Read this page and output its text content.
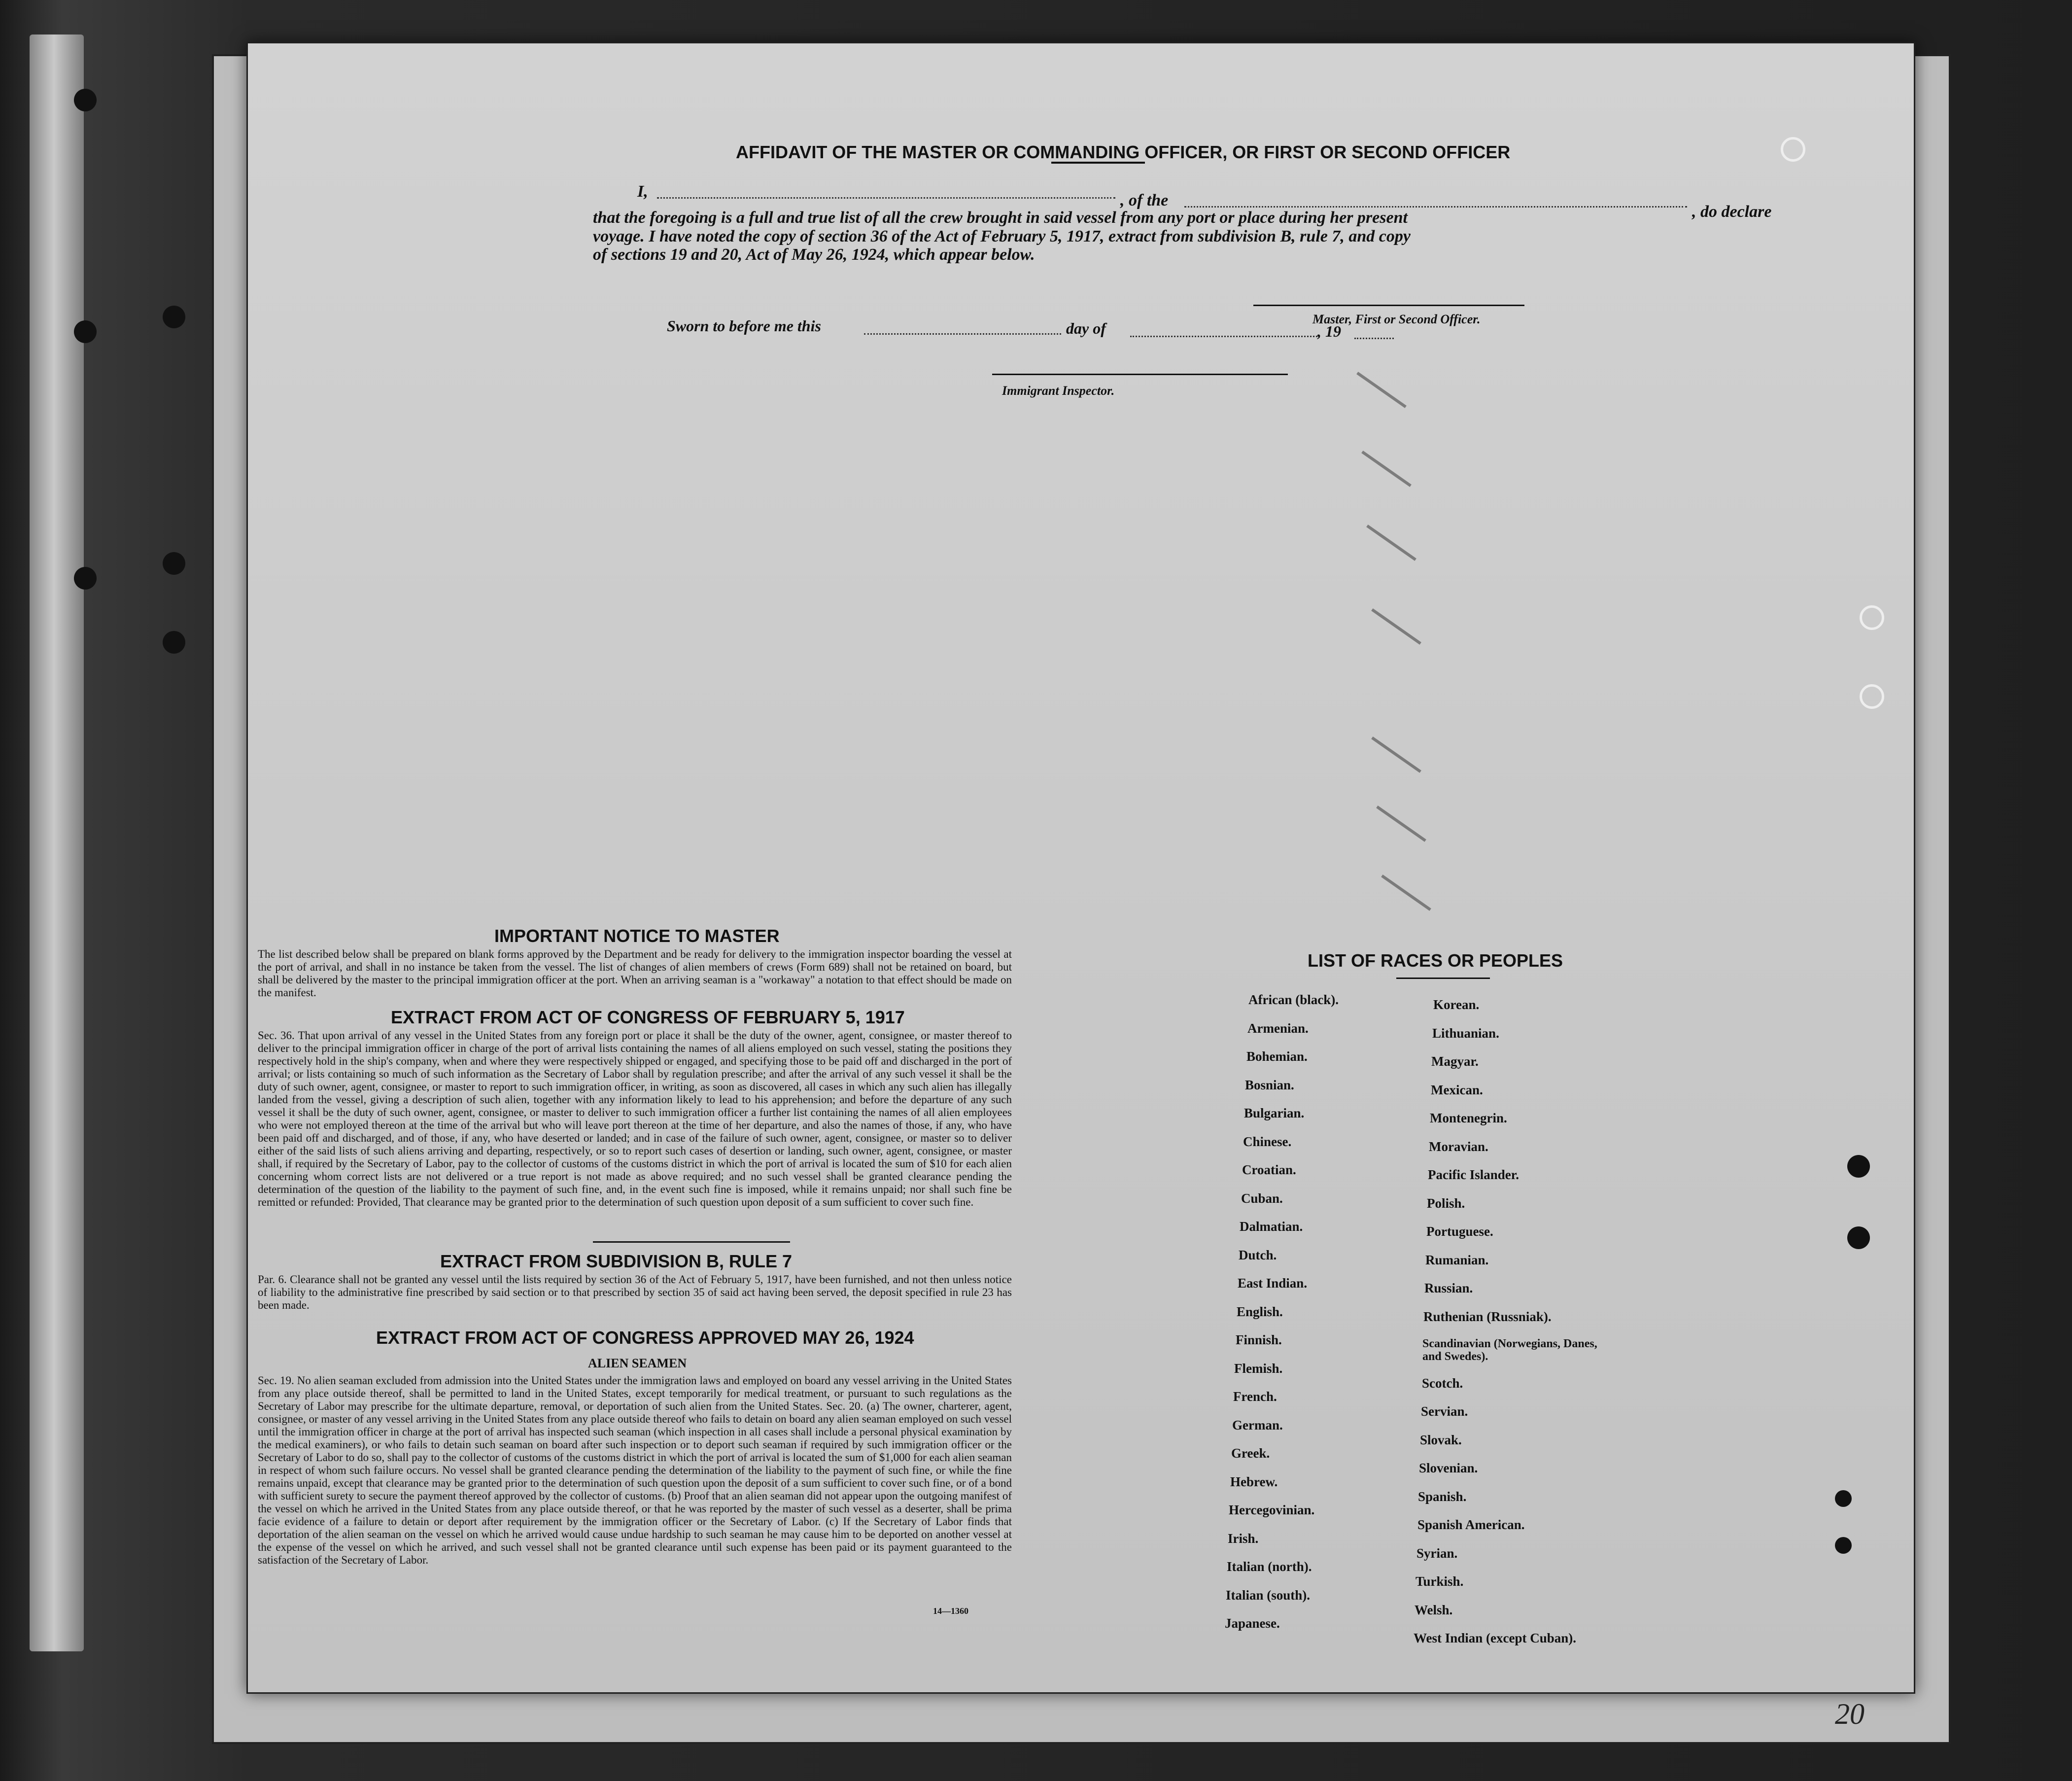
AFFIDAVIT OF THE MASTER OR COMMANDING OFFICER, OR FIRST OR SECOND OFFICER
I,	, of the
, do declare
that the foregoing is a full and true list of all the crew brought in said vessel from any port or place during her present
voyage. I have noted the copy of section 36 of the Act of February 5, 1917, extract from subdivision B, rule 7, and copy
of sections 19 and 20, Act of May 26, 1924, which appear below.
Master, First or Second Officer.
Sworn to before me this	day of	, 19
Immigrant Inspector.
IMPORTANT NOTICE TO MASTER
The list described below shall be prepared on blank forms approved by the Department and be ready for delivery to the immigration inspector boarding the vessel at the port of arrival, and shall in no instance be taken from the vessel. The list of changes of alien members of crews (Form 689) shall not be retained on board, but shall be delivered by the master to the principal immigration officer at the port. When an arriving seaman is a "workaway" a notation to that effect should be made on the manifest.
EXTRACT FROM ACT OF CONGRESS OF FEBRUARY 5, 1917
Sec. 36. That upon arrival of any vessel in the United States from any foreign port or place it shall be the duty of the owner, agent, consignee, or master thereof to deliver to the principal immigration officer in charge of the port of arrival lists containing the names of all aliens employed on such vessel, stating the positions they respectively hold in the ship's company, when and where they were respectively shipped or engaged, and specifying those to be paid off and discharged in the port of arrival; or lists containing so much of such information as the Secretary of Labor shall by regulation prescribe; and after the arrival of any such vessel it shall be the duty of such owner, agent, consignee, or master to report to such immigration officer, in writing, as soon as discovered, all cases in which any such alien has illegally landed from the vessel, giving a description of such alien, together with any information likely to lead to his apprehension; and before the departure of any such vessel it shall be the duty of such owner, agent, consignee, or master to deliver to such immigration officer a further list containing the names of all alien employees who were not employed thereon at the time of the arrival but who will leave port thereon at the time of her departure, and also the names of those, if any, who have been paid off and discharged, and of those, if any, who have deserted or landed; and in case of the failure of such owner, agent, consignee, or master so to deliver either of the said lists of such aliens arriving and departing, respectively, or so to report such cases of desertion or landing, such owner, agent, consignee, or master shall, if required by the Secretary of Labor, pay to the collector of customs of the customs district in which the port of arrival is located the sum of $10 for each alien concerning whom correct lists are not delivered or a true report is not made as above required; and no such vessel shall be granted clearance pending the determination of the question of the liability to the payment of such fine, and, in the event such fine is imposed, while it remains unpaid; nor shall such fine be remitted or refunded: Provided, That clearance may be granted prior to the determination of such question upon deposit of a sum sufficient to cover such fine.
EXTRACT FROM SUBDIVISION B, RULE 7
Par. 6. Clearance shall not be granted any vessel until the lists required by section 36 of the Act of February 5, 1917, have been furnished, and not then unless notice of liability to the administrative fine prescribed by said section or to that prescribed by section 35 of said act having been served, the deposit specified in rule 23 has been made.
EXTRACT FROM ACT OF CONGRESS APPROVED MAY 26, 1924
ALIEN SEAMEN
Sec. 19. No alien seaman excluded from admission into the United States under the immigration laws and employed on board any vessel arriving in the United States from any place outside thereof, shall be permitted to land in the United States, except temporarily for medical treatment, or pursuant to such regulations as the Secretary of Labor may prescribe for the ultimate departure, removal, or deportation of such alien from the United States. Sec. 20. (a) The owner, charterer, agent, consignee, or master of any vessel arriving in the United States from any place outside thereof who fails to detain on board any alien seaman employed on such vessel until the immigration officer in charge at the port of arrival has inspected such seaman (which inspection in all cases shall include a personal physical examination by the medical examiners), or who fails to detain such seaman on board after such inspection or to deport such seaman if required by such immigration officer or the Secretary of Labor to do so, shall pay to the collector of customs of the customs district in which the port of arrival is located the sum of $1,000 for each alien seaman in respect of whom such failure occurs. No vessel shall be granted clearance pending the determination of the liability to the payment of such fine, or while the fine remains unpaid, except that clearance may be granted prior to the determination of such question upon the deposit of a sum sufficient to cover such fine, or of a bond with sufficient surety to secure the payment thereof approved by the collector of customs. (b) Proof that an alien seaman did not appear upon the outgoing manifest of the vessel on which he arrived in the United States from any place outside thereof, or that he was reported by the master of such vessel as a deserter, shall be prima facie evidence of a failure to detain or deport after requirement by the immigration officer or the Secretary of Labor. (c) If the Secretary of Labor finds that deportation of the alien seaman on the vessel on which he arrived would cause undue hardship to such seaman he may cause him to be deported on another vessel at the expense of the vessel on which he arrived, and such vessel shall not be granted clearance until such expense has been paid or its payment guaranteed to the satisfaction of the Secretary of Labor.
14—1360
LIST OF RACES OR PEOPLES
20
African (black).
Armenian.
Bohemian.
Bosnian.
Bulgarian.
Chinese.
Croatian.
Cuban.
Dalmatian.
Dutch.
East Indian.
English.
Finnish.
Flemish.
French.
German.
Greek.
Hebrew.
Hercegovinian.
Irish.
Italian (north).
Italian (south).
Japanese.
Korean.
Lithuanian.
Magyar.
Mexican.
Montenegrin.
Moravian.
Pacific Islander.
Polish.
Portuguese.
Rumanian.
Russian.
Ruthenian (Russniak).
Scandinavian (Norwegians, Danes, and Swedes).
Scotch.
Servian.
Slovak.
Slovenian.
Spanish.
Spanish American.
Syrian.
Turkish.
Welsh.
West Indian (except Cuban).
